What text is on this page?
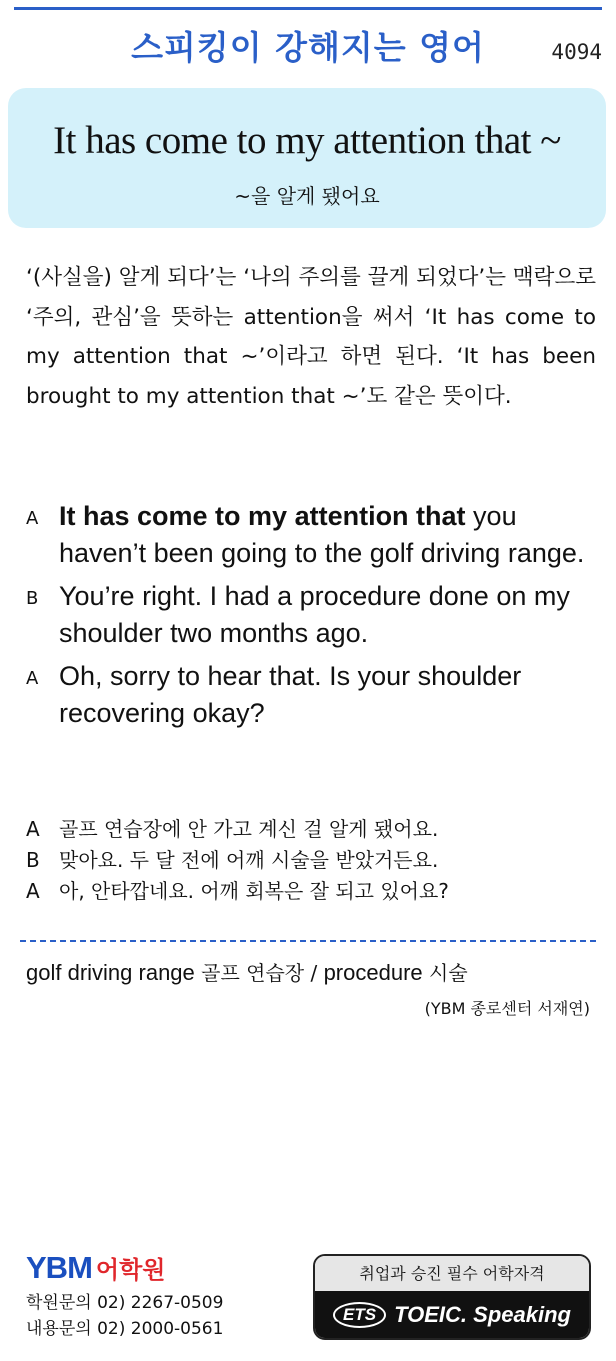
스피킹이 강해지는 영어	4094
It has come to my attention that ~
~을 알게 됐어요
‘(사실을) 알게 되다’는 ‘나의 주의를 끌게 되었다’는 맥락으로 ‘주의, 관심’을 뜻하는 attention을 써서 ‘It has come to my attention that ~’이라고 하면 된다. ‘It has been brought to my attention that ~’도 같은 뜻이다.
A It has come to my attention that you haven’t been going to the golf driving range.
B You’re right. I had a procedure done on my shoulder two months ago.
A Oh, sorry to hear that. Is your shoulder recovering okay?
A 골프 연습장에 안 가고 계신 걸 알게 됐어요.
B 맞아요. 두 달 전에 어깨 시술을 받았거든요.
A 아, 안타깝네요. 어깨 회복은 잘 되고 있어요?
golf driving range 골프 연습장 / procedure 시술
(YBM 종로센터 서재연)
YBM 어학원
학원문의 02) 2267-0509
내용문의 02) 2000-0561
취업과 승진 필수 어학자격
ETS TOEIC. Speaking
